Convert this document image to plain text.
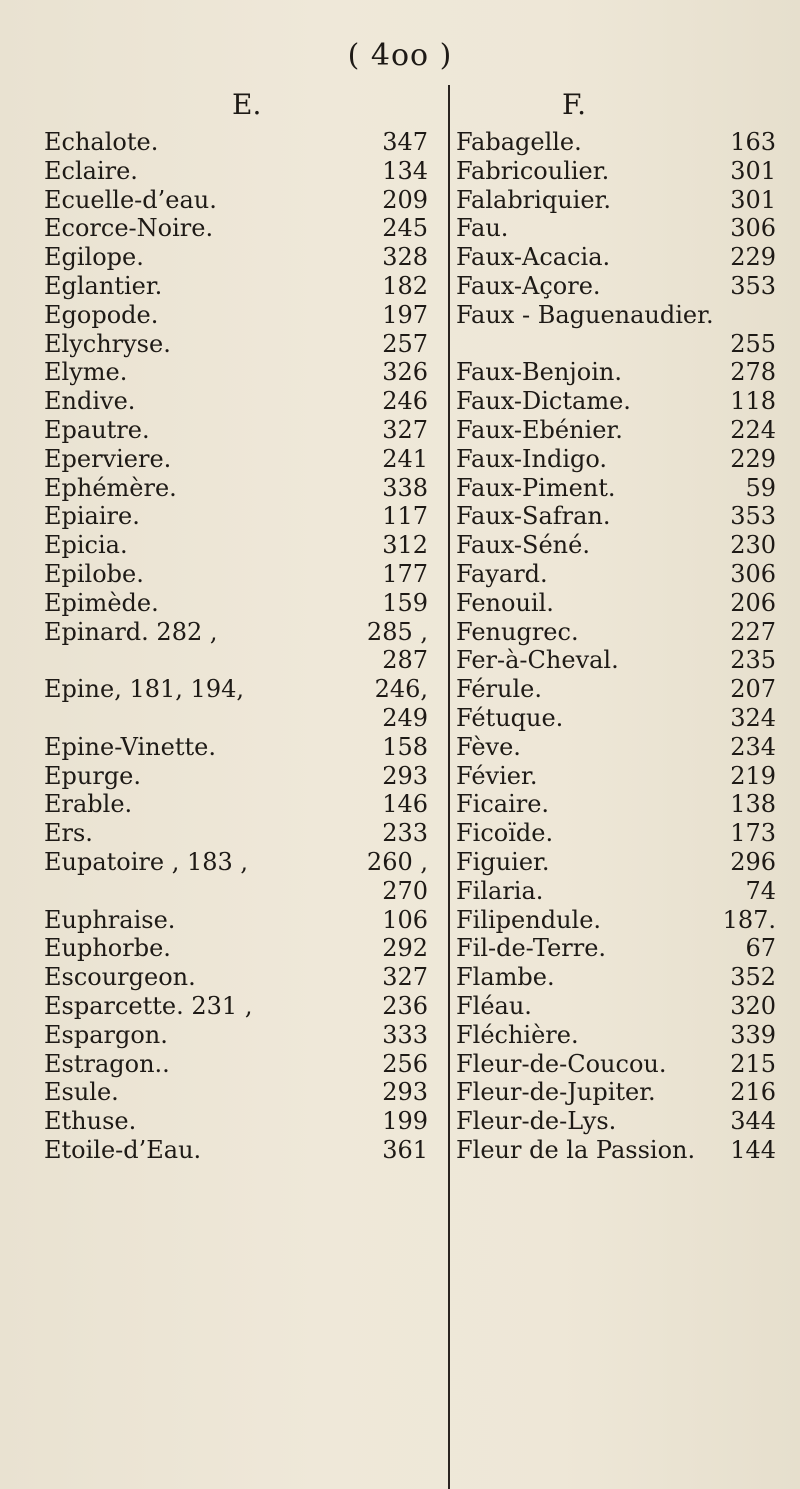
( 4oo )
E.	F.
Echalote.	347
Eclaire.	134
Ecuelle-d’eau.	209
Ecorce-Noire.	245
Egilope.	328
Eglantier.	182
Egopode.	197
Elychryse.	257
Elyme.	326
Endive.	246
Epautre.	327
Eperviere.	241
Ephémère.	338
Epiaire.	117
Epicia.	312
Epilobe.	177
Epimède.	159
Epinard. 282 ,	285 ,
287
Epine, 181, 194,	246,
249
Epine-Vinette.	158
Epurge.	293
Erable.	146
Ers.	233
Eupatoire , 183 ,	260 ,
270
Euphraise.	106
Euphorbe.	292
Escourgeon.	327
Esparcette. 231 ,	236
Espargon.	333
Estragon..	256
Esule.	293
Ethuse.	199
Etoile-d’Eau.	361
Fabagelle.	163
Fabricoulier.	301
Falabriquier.	301
Fau.	306
Faux-Acacia.	229
Faux-Açore.	353
Faux - Baguenaudier.
255
Faux-Benjoin.	278
Faux-Dictame.	118
Faux-Ebénier.	224
Faux-Indigo.	229
Faux-Piment.	59
Faux-Safran.	353
Faux-Séné.	230
Fayard.	306
Fenouil.	206
Fenugrec.	227
Fer-à-Cheval.	235
Férule.	207
Fétuque.	324
Fève.	234
Févier.	219
Ficaire.	138
Ficoïde.	173
Figuier.	296
Filaria.	74
Filipendule.	187.
Fil-de-Terre.	67
Flambe.	352
Fléau.	320
Fléchière.	339
Fleur-de-Coucou.	215
Fleur-de-Jupiter.	216
Fleur-de-Lys.	344
Fleur de la Passion. 144
